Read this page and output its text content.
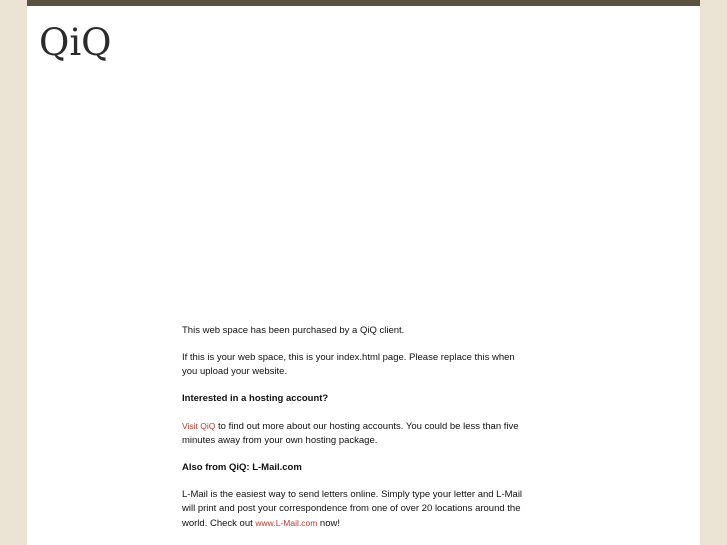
QiQ

This web space has been purchased by a QiQ client.

If this is your web space, this is your index.html page. Please replace this when you upload your website.

Interested in a hosting account?

Visit QiQ to find out more about our hosting accounts. You could be less than five minutes away from your own hosting package.

Also from QiQ: L-Mail.com

L-Mail is the easiest way to send letters online. Simply type your letter and L-Mail will print and post your correspondence from one of over 20 locations around the world. Check out www.L-Mail.com now!
